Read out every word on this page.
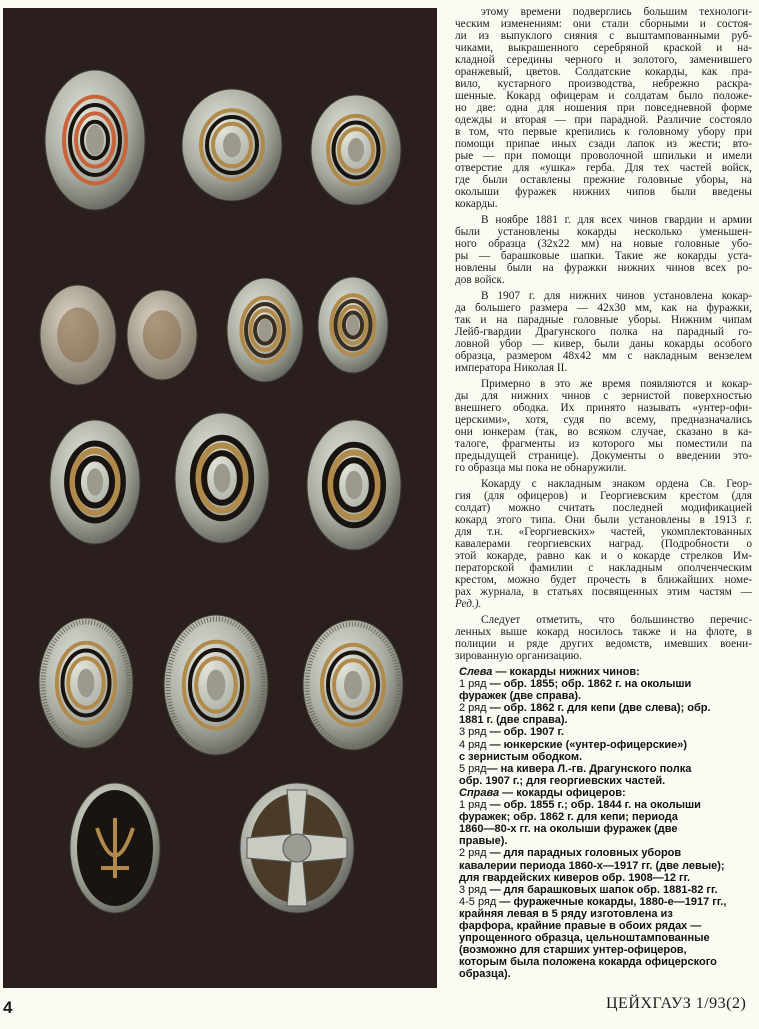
этому времени подверглись большим технологи-
ческим изменениям: они стали сборными и состоя-
ли из выпуклого сияния с выштампованными руб-
чиками, выкрашенного серебряной краской и на-
кладной середины черного и золотого, заменившего
оранжевый, цветов. Солдатские кокарды, как пра-
вило, кустарного производства, небрежно раскра-
шенные. Кокард офицерам и солдатам было положе-
но две: одна для ношения при повседневной форме
одежды и вторая — при парадной. Различие состояло
в том, что первые крепились к головному убору при
помощи припае иных сзади лапок из жести; вто-
рые — при помощи проволочной шпильки и имели
отверстие для «ушка» герба. Для тех частей войск,
где были оставлены прежние головные уборы, на
околыши фуражек нижних чипов были введены
кокарды.
В ноябре 1881 г. для всех чинов гвардии и армии
были установлены кокарды несколько уменьшен-
ного образца (32х22 мм) на новые головные убо-
ры — барашковые шапки. Такие же кокарды уста-
новлены были на фуражки нижних чинов всех ро-
дов войск.
В 1907 г. для нижних чинов установлена кокар-
да большего размера — 42х30 мм, как на фуражки,
так и на парадные головные уборы. Нижним чипам
Лейб-гвардии Драгунского полка на парадный го-
ловной убор — кивер, были даны кокарды особого
образца, размером 48х42 мм с накладным вензелем
императора Николая II.
Примерно в это же время появляются и кокар-
ды для нижних чинов с зернистой поверхностью
внешнего ободка. Их принято называть «унтер-офи-
церскими», хотя, судя по всему, предназначались
они юнкерам (так, во всяком случае, сказано в ка-
талоге, фрагменты из которого мы поместили па
предыдущей странице). Документы о введении это-
го образца мы пока не обнаружили.
Кокарду с накладным знаком ордена Св. Геор-
гия (для офицеров) и Георгиевским крестом (для
солдат) можно считать последней модификацией
кокард этого типа. Они были установлены в 1913 г.
для т.н. «Георгиевских» частей, укомплектованных
кавалерами георгиевских наград. (Подробности о
этой кокарде, равно как и о кокарде стрелков Им-
ператорской фамилии с накладным ополченческим
крестом, можно будет прочесть в ближайших номе-
рах журнала, в статьях посвященных этим частям —
Ред.).
Следует отметить, что большинство перечис-
ленных выше кокард носилось также и на флоте, в
полиции и ряде других ведомств, имевших воени-
зированную организацию.
Слева — кокарды нижних чинов:
1 ряд — обр. 1855; обр. 1862 г. на околыши
фуражек (две справа).
2 ряд — обр. 1862 г. для кепи (две слева); обр.
1881 г. (две справа).
3 ряд — обр. 1907 г.
4 ряд — юнкерские («унтер-офицерские»)
с зернистым ободком.
5 ряд— на кивера Л.-гв. Драгунского полка
обр. 1907 г.; для георгиевских частей.
Справа — кокарды офицеров:
1 ряд — обр. 1855 г.; обр. 1844 г. на околыши
фуражек; обр. 1862 г. для кепи; периода
1860—80-х гг. на околыши фуражек (две
правые).
2 ряд — для парадных головных уборов
кавалерии периода 1860-х—1917 гг. (две левые);
для гвардейских киверов обр. 1908—12 гг.
3 ряд — для барашковых шапок обр. 1881-82 гг.
4-5 ряд — фуражечные кокарды, 1880-е—1917 гг.,
крайняя левая в 5 ряду изготовлена из
фарфора, крайние правые в обоих рядах —
упрощенного образца, цельноштампованные
(возможно для старших унтер-офицеров,
которым была положена кокарда офицерского
образца).
4	ЦЕЙХГАУЗ 1/93(2)
